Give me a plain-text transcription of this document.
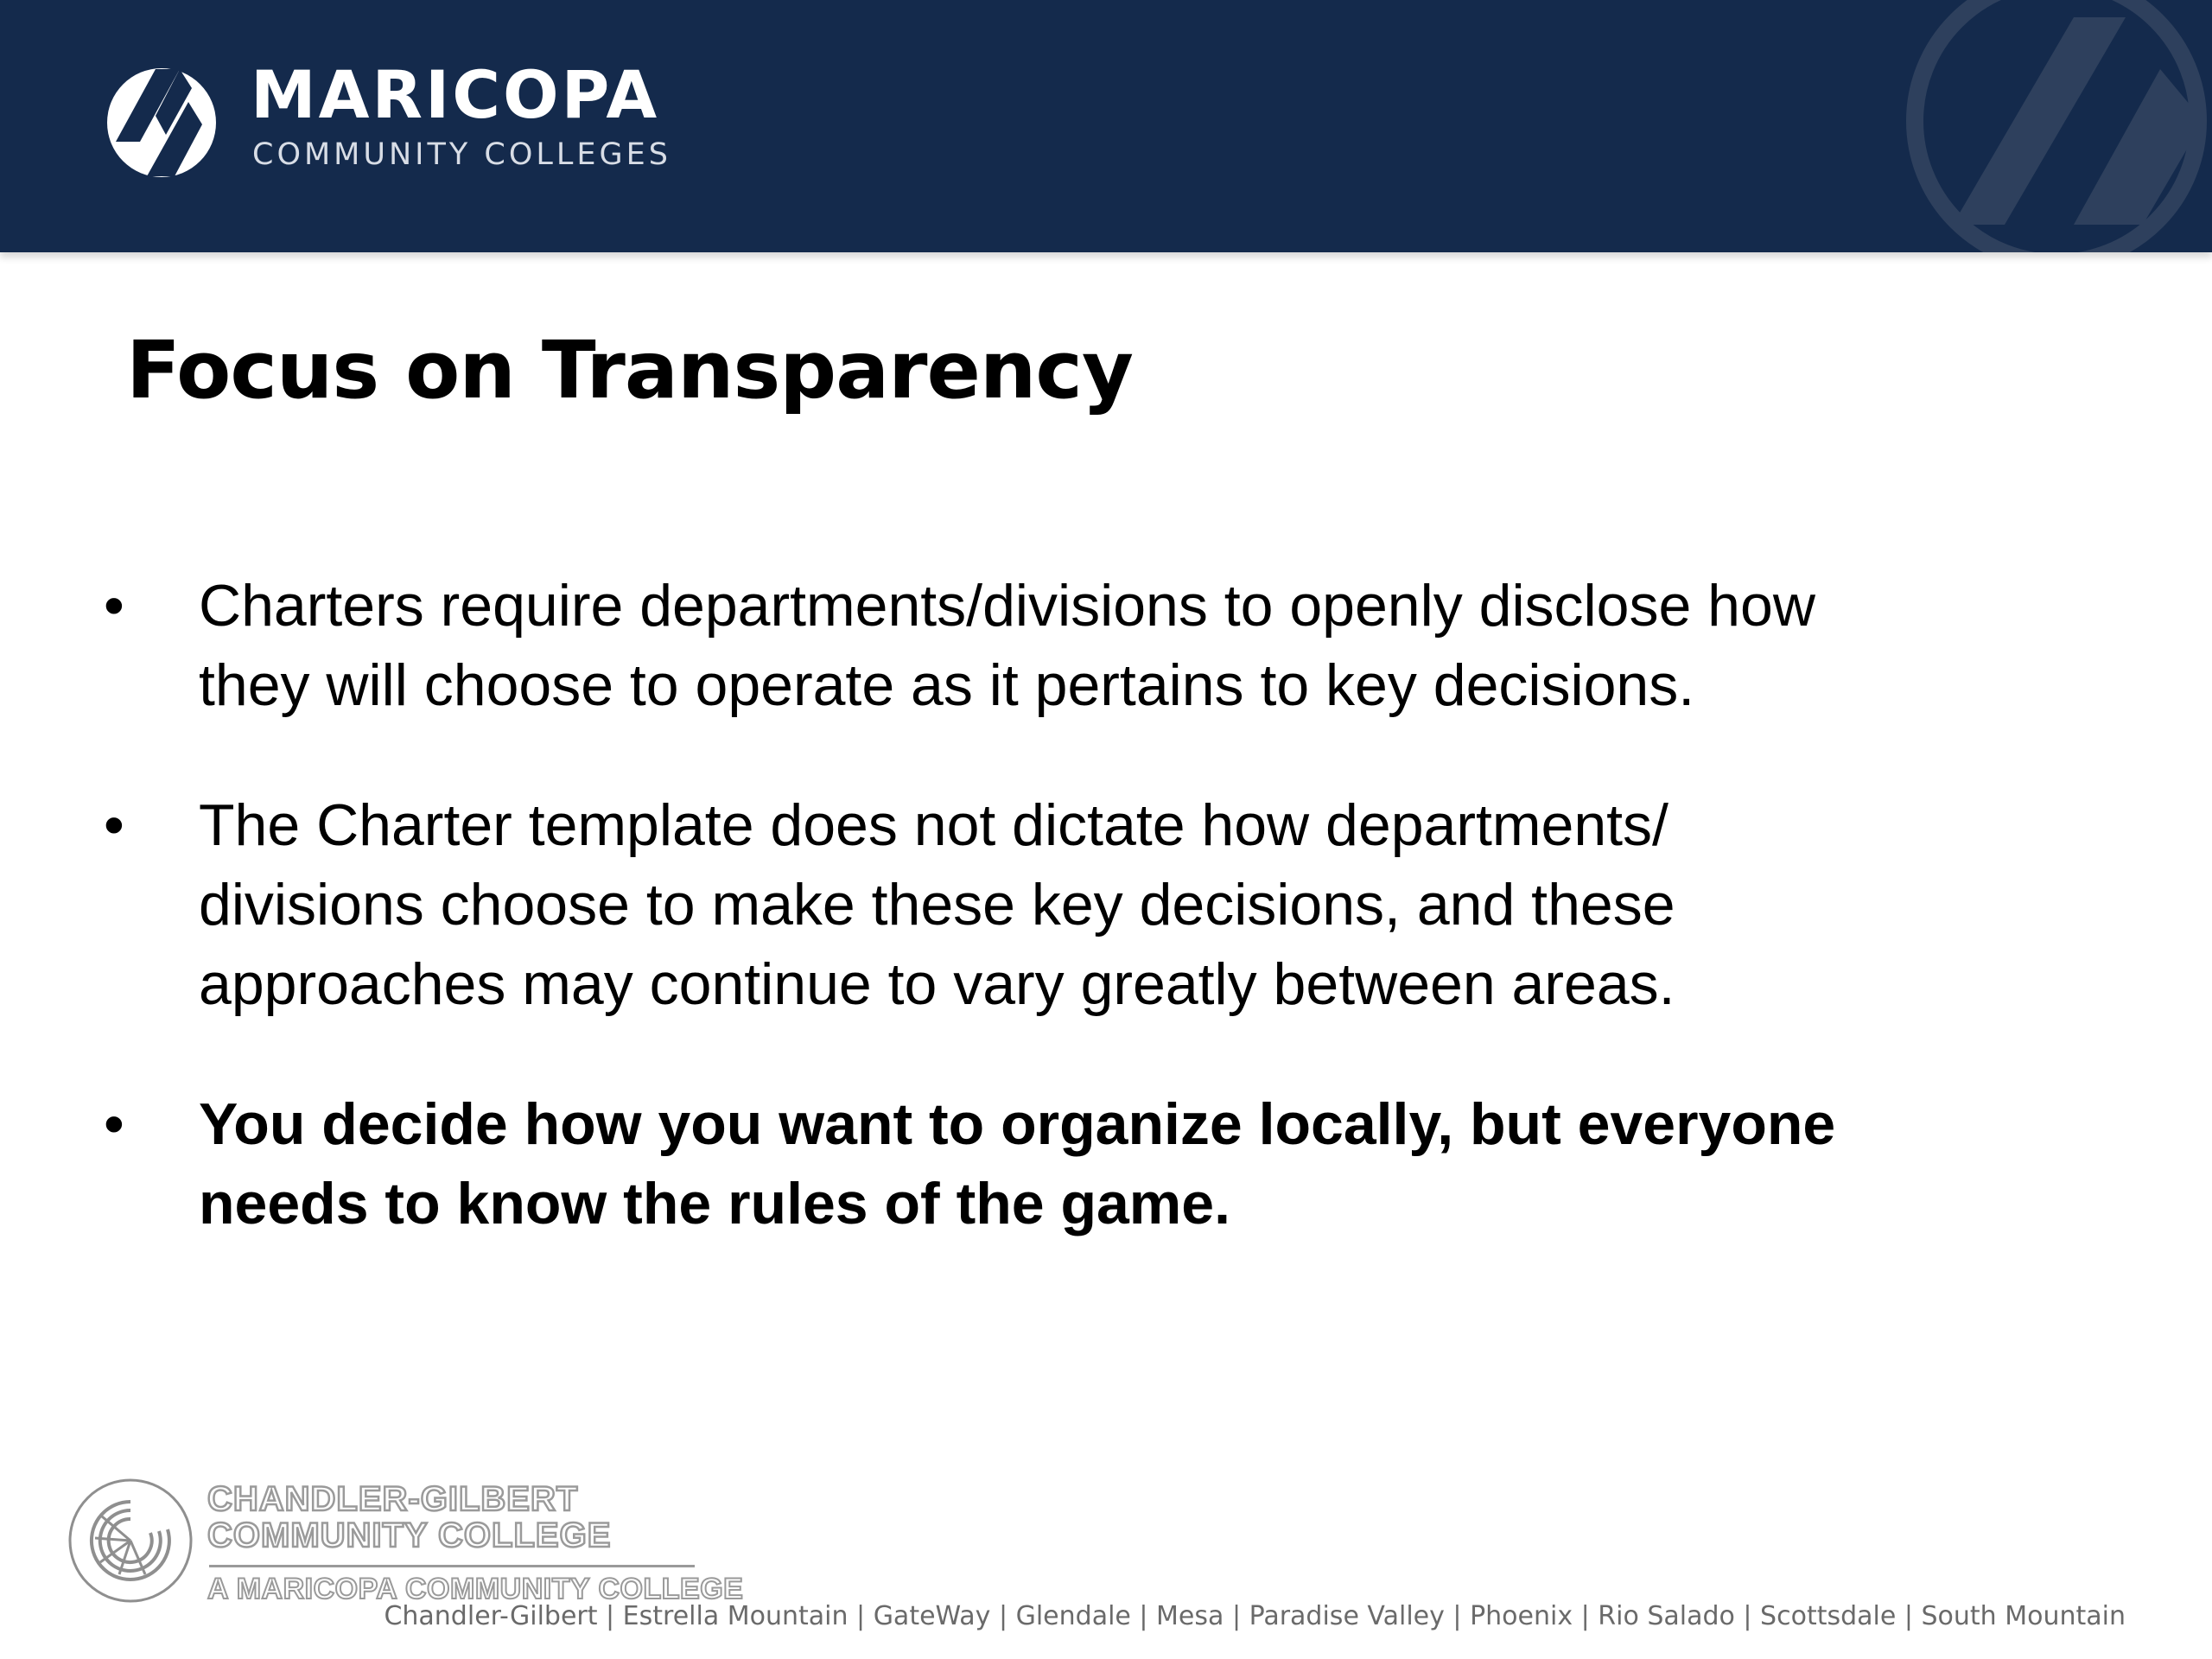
MARICOPA

COMMUNITY COLLEGES

Focus on Transparency
• Charters require departments/divisions to openly disclose how
they will choose to operate as it pertains to key decisions.
• The Charter template does not dictate how departments/
divisions choose to make these key decisions, and these
approaches may continue to vary greatly between areas.
• You decide how you want to organize locally, but everyone
needs to know the rules of the game.
CHANDLER-GILBERT
COMMUNITY COLLEGE
A MARICOPA COMMUNITY COLLEGE
Chandler-Gilbert | Estrella Mountain | GateWay | Glendale | Mesa | Paradise Valley | Phoenix | Rio Salado | Scottsdale | South Mountain
